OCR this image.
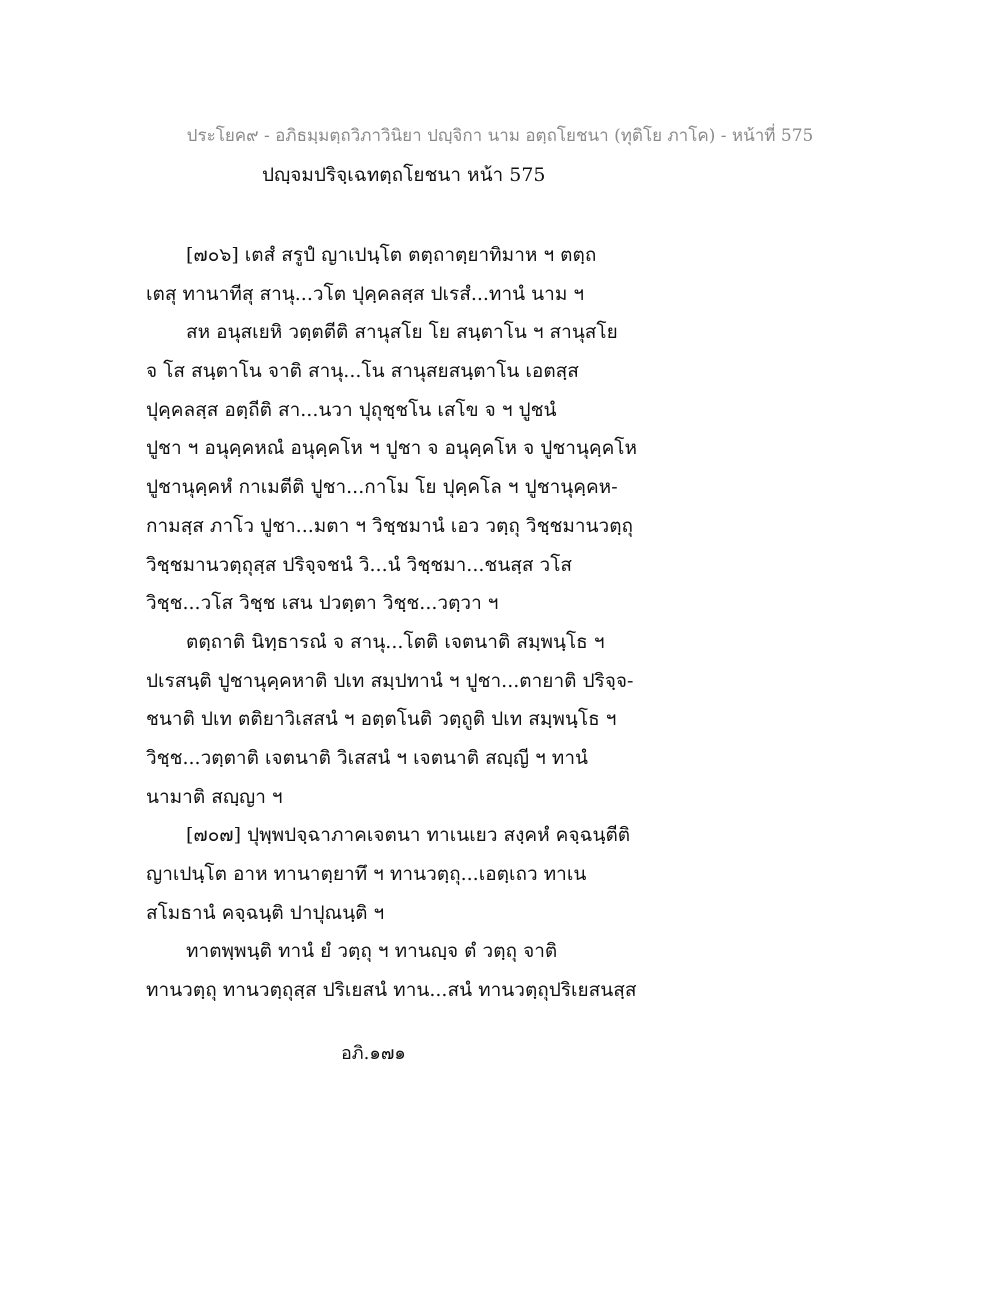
ประโยค๙ - อภิธมฺมตฺถวิภาวินิยา ปญฺจิกา นาม อตฺถโยชนา (ทุติโย ภาโค) - หน้าที่ 575
ปญฺจมปริจฺเฉทตฺถโยชนา หน้า 575
[๗๐๖] เตสํ สรูปํ ญาเปนฺโต ตตฺถาตฺยาทิมาห ฯ ตตฺถ
เตสุ ทานาทีสุ สานุ...วโต ปุคฺคลสฺส ปเรสํ...ทานํ นาม ฯ
สห อนุสเยหิ วตฺตตีติ สานุสโย โย สนฺตาโน ฯ สานุสโย
จ โส สนฺตาโน จาติ สานุ...โน สานุสยสนฺตาโน เอตสฺส
ปุคฺคลสฺส อตฺถีติ สา...นวา ปุถุชฺชโน เสโข จ ฯ ปูชนํ
ปูชา ฯ อนุคฺคหณํ อนุคฺคโห ฯ ปูชา จ อนุคฺคโห จ ปูชานุคฺคโห
ปูชานุคฺคหํ กาเมตีติ ปูชา...กาโม โย ปุคฺคโล ฯ ปูชานุคฺคห-
กามสฺส ภาโว ปูชา...มตา ฯ วิชฺชมานํ เอว วตฺถุ วิชฺชมานวตฺถุ
วิชฺชมานวตฺถุสฺส ปริจฺจชนํ วิ...นํ วิชฺชมา...ชนสฺส วโส
วิชฺช...วโส วิชฺช เสน ปวตฺตา วิชฺช...วตฺวา ฯ
ตตฺถาติ นิทฺธารณํ จ สานุ...โตติ เจตนาติ สมฺพนฺโธ ฯ
ปเรสนฺติ ปูชานุคฺคหาติ ปเท สมฺปทานํ ฯ ปูชา...ตายาติ ปริจฺจ-
ชนาติ ปเท ตติยาวิเสสนํ ฯ อตฺตโนติ วตฺถูติ ปเท สมฺพนฺโธ ฯ
วิชฺช...วตฺตาติ เจตนาติ วิเสสนํ ฯ เจตนาติ สญฺญี ฯ ทานํ
นามาติ สญฺญา ฯ
[๗๐๗] ปุพฺพปจฺฉาภาคเจตนา ทาเนเยว สงฺคหํ คจฺฉนฺตีติ
ญาเปนฺโต อาห ทานาตฺยาทึ ฯ ทานวตฺถุ...เอตฺเถว ทาเน
สโมธานํ คจฺฉนฺติ ปาปุณนฺติ ฯ
ทาตพฺพนฺติ ทานํ ยํ วตฺถุ ฯ ทานญฺจ ตํ วตฺถุ จาติ
ทานวตฺถุ ทานวตฺถุสฺส ปริเยสนํ ทาน...สนํ ทานวตฺถุปริเยสนสฺส
อภิ.๑๗๑
